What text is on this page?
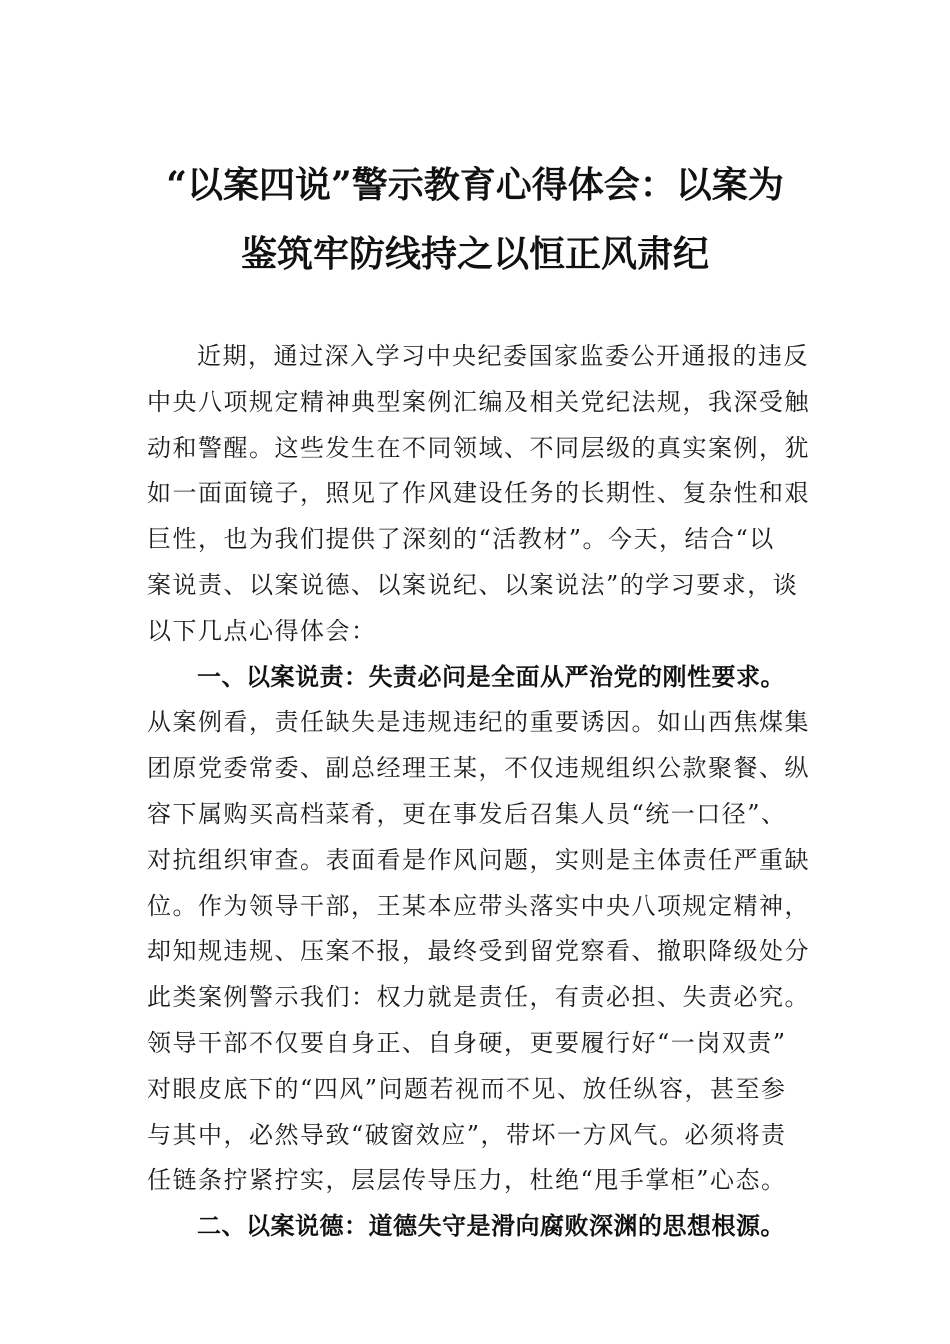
“以案四说”警示教育心得体会：以案为
鉴筑牢防线持之以恒正风肃纪
近期，通过深入学习中央纪委国家监委公开通报的违反
中央八项规定精神典型案例汇编及相关党纪法规，我深受触
动和警醒。这些发生在不同领域、不同层级的真实案例，犹
如一面面镜子，照见了作风建设任务的长期性、复杂性和艰
巨性，也为我们提供了深刻的“活教材”。今天，结合“以
案说责、以案说德、以案说纪、以案说法”的学习要求，谈
以下几点心得体会：
一、以案说责：失责必问是全面从严治党的刚性要求。
从案例看，责任缺失是违规违纪的重要诱因。如山西焦煤集
团原党委常委、副总经理王某，不仅违规组织公款聚餐、纵
容下属购买高档菜肴，更在事发后召集人员“统一口径”、
对抗组织审查。表面看是作风问题，实则是主体责任严重缺
位。作为领导干部，王某本应带头落实中央八项规定精神，
却知规违规、压案不报，最终受到留党察看、撤职降级处分
此类案例警示我们：权力就是责任，有责必担、失责必究。
领导干部不仅要自身正、自身硬，更要履行好“一岗双责”
对眼皮底下的“四风”问题若视而不见、放任纵容，甚至参
与其中，必然导致“破窗效应”，带坏一方风气。必须将责
任链条拧紧拧实，层层传导压力，杜绝“甩手掌柜”心态。
二、以案说德：道德失守是滑向腐败深渊的思想根源。
